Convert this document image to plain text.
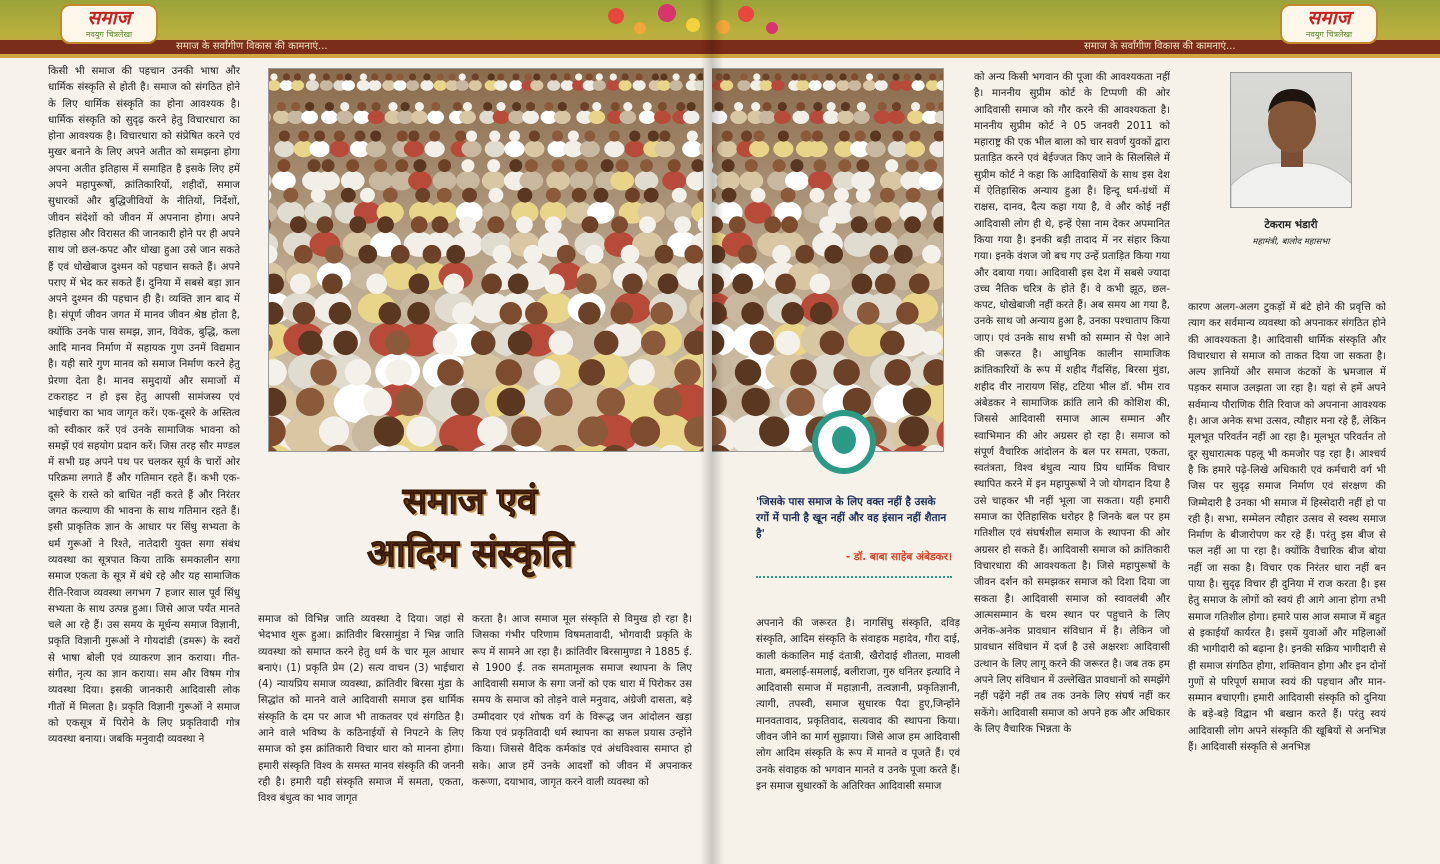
समाज
नवयुग चित्रलेखा
समाज के सर्वांगीण विकास की कामनाएं...

किसी भी समाज की पहचान उनकी भाषा और धार्मिक संस्कृति से होती है। समाज को संगठित होने के लिए धार्मिक संस्कृति का होना आवश्यक है। धार्मिक संस्कृति को सुदृढ़ करने हेतु विचारधारा का होना आवश्यक है। विचारधारा को संप्रेषित करने एवं मुखर बनाने के लिए अपने अतीत को समझना होगा अपना अतीत इतिहास में समाहित है इसके लिए हमें अपने महापुरूषों, क्रांतिकारियों, शहीदों, समाज सुधारकों और बुद्धिजीवियों के नीतियों, निर्देशों, जीवन संदेशों को जीवन में अपनाना होगा। अपने इतिहास और विरासत की जानकारी होने पर ही अपने साथ जो छल-कपट और धोखा हुआ उसे जान सकते हैं एवं धोखेबाज दुश्मन को पहचान सकते हैं। अपने पराए में भेद कर सकते हैं। दुनिया में सबसे बड़ा ज्ञान अपने दुश्मन की पहचान ही है। व्यक्ति ज्ञान बाद में है। संपूर्ण जीवन जगत में मानव जीवन श्रेष्ठ होता है, क्योंकि उनके पास समझ, ज्ञान, विवेक, बुद्धि, कला आदि मानव निर्माण में सहायक गुण उनमें विद्यमान है। यही सारे गुण मानव को समाज निर्माण करने हेतु प्रेरणा देता है। मानव समुदायों और समाजों में टकराहट न हो इस हेतु आपसी सामंजस्य एवं भाईचारा का भाव जागृत करें। एक-दूसरे के अस्तित्व को स्वीकार करें एवं उनके सामाजिक भावना को समझें एवं सहयोग प्रदान करें। जिस तरह सौर मण्डल में सभी ग्रह अपने पथ पर चलकर सूर्य के चारों ओर परिक्रमा लगाते हैं और गतिमान रहते हैं। कभी एक-दूसरे के रास्ते को बाधित नहीं करते हैं और निरंतर जगत कल्याण की भावना के साथ गतिमान रहते हैं। इसी प्राकृतिक ज्ञान के आधार पर सिंधु सभ्यता के धर्म गुरूओं ने रिश्ते, नातेदारी युक्त सगा संबंध व्यवस्था का सूत्रपात किया ताकि समकालीन सगा समाज एकता के सूत्र में बंधे रहे और यह सामाजिक रीति-रिवाज व्यवस्था लगभग 7 हजार साल पूर्व सिंधु सभ्यता के साथ उत्पन्न हुआ। जिसे आज पर्यंत मानते चले आ रहे हैं। उस समय के मूर्धन्य समाज विज्ञानी, प्रकृति विज्ञानी गुरूओं ने गोयदांडी (डमरू) के स्वरों से भाषा बोली एवं व्याकरण ज्ञान कराया। गीत-संगीत, नृत्य का ज्ञान कराया। सम और विषम गोत्र व्यवस्था दिया। इसकी जानकारी आदिवासी लोक गीतों में मिलता है। प्रकृति विज्ञानी गुरूओं ने समाज को एकसूत्र में पिरोने के लिए प्रकृतिवादी गोत्र व्यवस्था बनाया। जबकि मनुवादी व्यवस्था ने

समाज एवं
आदिम संस्कृति

समाज को विभिन्न जाति व्यवस्था दे दिया। जहां से भेदभाव शुरू हुआ। क्रांतिवीर बिरसामुंडा ने भिन्न जाति व्यवस्था को समाप्त करने हेतु धर्म के चार मूल आधार बनाएं। (1) प्रकृति प्रेम (2) सत्य वाचन (3) भाईचारा (4) न्यायप्रिय समाज व्यवस्था, क्रांतिवीर बिरसा मुंडा के सिद्धांत को मानने वाले आदिवासी समाज इस धार्मिक संस्कृति के दम पर आज भी ताकतवर एवं संगठित है। आने वाले भविष्य के कठिनाईयों से निपटने के लिए समाज को इस क्रांतिकारी विचार धारा को मानना होगा। हमारी संस्कृति विश्व के समस्त मानव संस्कृति की जननी रही है। हमारी यही संस्कृति समाज में समता, एकता, विश्व बंधुत्व का भाव जागृत

करता है। आज समाज मूल संस्कृति से विमुख हो रहा है। जिसका गंभीर परिणाम विषमतावादी, भोगवादी प्रकृति के रूप में सामने आ रहा है। क्रांतिवीर बिरसामुण्डा ने 1885 ई. से 1900 ई. तक समतामूलक समाज स्थापना के लिए आदिवासी समाज के सगा जनों को एक धारा में पिरोकर उस समय के समाज को तोड़ने वाले मनुवाद, अंग्रेजी दासता, बड़े उम्मीदवार एवं शोषक वर्ग के विरूद्ध जन आंदोलन खड़ा किया एवं प्रकृतिवादी धर्म स्थापना का सफल प्रयास उन्होंने किया। जिससे वैदिक कर्मकांड एवं अंधविश्वास समाप्त हो सके। आज हमें उनके आदर्शों को जीवन में अपनाकर करूणा, दयाभाव, जागृत करने वाली व्यवस्था को

समाज के सर्वांगीण विकास की कामनाएं...
समाज
नवयुग चित्रलेखा

अपनाने की जरूरत है। नागसिंघु संस्कृति, दविड़ संस्कृति, आदिम संस्कृति के संवाहक महादेव, गौरा दाई, काली कंकालिन माई दंतात्री, खैरोदाई शीतला, मावली माता, बमलाई-समलाई, बलीराजा, गुरु धनितर इत्यादि ने आदिवासी समाज में महाज्ञानी, तत्वज्ञानी, प्रकृतिज्ञानी, त्यागी, तपस्वी, समाज सुधारक पैदा हुए,जिन्होंने मानवतावाद, प्रकृतिवाद, सत्यवाद की स्थापना किया। जीवन जीने का मार्ग सुझाया। जिसे आज हम आदिवासी लोग आदिम संस्कृति के रूप में मानते व पूजते हैं। एवं उनके संवाहक को भगवान मानते व उनके पूजा करते हैं। इन समाज सुधारकों के अतिरिक्त आदिवासी समाज

को अन्य किसी भगवान की पूजा की आवश्यकता नहीं है। माननीय सुप्रीम कोर्ट के टिप्पणी की ओर आदिवासी समाज को गौर करने की आवश्यकता है। माननीय सुप्रीम कोर्ट ने 05 जनवरी 2011 को महाराष्ट्र की एक भील बाला को चार सवर्ण युवकों द्वारा प्रताड़ित करने एवं बेईज्जत किए जाने के सिलसिले में सुप्रीम कोर्ट ने कहा कि आदिवासियों के साथ इस देश में ऐतिहासिक अन्याय हुआ है। हिन्दू धर्म-ग्रंथों में राक्षस, दानव, दैत्य कहा गया है, वे और कोई नहीं आदिवासी लोग ही थे, इन्हें ऐसा नाम देकर अपमानित किया गया है। इनकी बड़ी तादाद में नर संहार किया गया। इनके वंशज जो बच गए उन्हें प्रताड़ित किया गया और दबाया गया। आदिवासी इस देश में सबसे ज्यादा उच्च नैतिक चरित्र के होते हैं। वे कभी झूठ, छल-कपट, धोखेबाजी नहीं करते हैं। अब समय आ गया है, उनके साथ जो अन्याय हुआ है, उनका पश्चाताप किया जाए। एवं उनके साथ सभी को सम्मान से पेश आने की जरूरत है। आधुनिक कालीन सामाजिक क्रांतिकारियों के रूप में शहीद गैंदसिंह, बिरसा मुंडा, शहीद वीर नारायण सिंह, टटिया भील डॉ. भीम राव अंबेडकर ने सामाजिक क्रांति लाने की कोशिश की, जिससे आदिवासी समाज आत्म सम्मान और स्वाभिमान की ओर अग्रसर हो रहा है। समाज को संपूर्ण वैचारिक आंदोलन के बल पर समता, एकता, स्वतंत्रता, विश्व बंधुत्व न्याय प्रिय धार्मिक विचार स्थापित करने में इन महापुरूषों ने जो योगदान दिया है उसे चाहकर भी नहीं भूला जा सकता। यही हमारी समाज का ऐतिहासिक धरोहर है जिनके बल पर हम गतिशील एवं संघर्षशील समाज के स्थापना की ओर अग्रसर हो सकते हैं। आदिवासी समाज को क्रांतिकारी विचारधारा की आवश्यकता है। जिसे महापुरूषों के जीवन दर्शन को समझकर समाज को दिशा दिया जा सकता है। आदिवासी समाज को स्वावलंबी और आत्मसम्मान के चरम स्थान पर पहुचाने के लिए अनेक-अनेक प्रावधान संविधान में है। लेकिन जो प्रावधान संविधान में दर्ज है उसे अक्षरशः आदिवासी उत्थान के लिए लागू करने की जरूरत है। जब तक हम अपने लिए संविधान में उल्लेखित प्रावधानों को समझेंगे नहीं पढ़ेंगे नहीं तब तक उनके लिए संघर्ष नहीं कर सकेंगे। आदिवासी समाज को अपने हक और अधिकार के लिए वैचारिक भिन्नता के

कारण अलग-अलग टुकड़ों में बंटे होने की प्रवृत्ति को त्याग कर सर्वमान्य व्यवस्था को अपनाकर संगठित होने की आवश्यकता है। आदिवासी धार्मिक संस्कृति और विचारधारा से समाज को ताकत दिया जा सकता है। अल्प ज्ञानियों और समाज कंटकों के भ्रमजाल में पड़कर समाज उलझता जा रहा है। यहां से हमें अपने सर्वमान्य पौराणिक रीति रिवाज को अपनाना आवश्यक है। आज अनेक सभा उत्सव, त्यौहार मना रहे हैं, लेकिन मूलभूत परिवर्तन नहीं आ रहा है। मूलभूत परिवर्तन तो दूर सुधारात्मक पहलू भी कमजोर पड़ रहा है। आश्चर्य है कि हमारे पढ़े-लिखे अधिकारी एवं कर्मचारी वर्ग भी जिस पर सुदृढ़ समाज निर्माण एवं संरक्षण की जिम्मेदारी है उनका भी समाज में हिस्सेदारी नहीं हो पा रही है। सभा, सम्मेलन त्यौहार उत्सव से स्वस्थ समाज निर्माण के बीजारोपण कर रहे हैं। परंतु इस बीज से फल नहीं आ पा रहा है। क्योंकि वैचारिक बीज बोया नहीं जा सका है। विचार एक निरंतर धारा नहीं बन पाया है। सुदृढ़ विचार ही दुनिया में राज करता है। इस हेतु समाज के लोगों को स्वयं ही आगे आना होगा तभी समाज गतिशील होगा। हमारे पास आज समाज में बहुत से इकाईयाँ कार्यरत है। इसमें युवाओं और महिलाओं की भागीदारी को बढ़ाना है। इनकी सक्रिय भागीदारी से ही समाज संगठित होगा, शक्तिवान होगा और इन दोनों गुणों से परिपूर्ण समाज स्वयं की पहचान और मान-सम्मान बचाएगी। हमारी आदिवासी संस्कृति को दुनिया के बड़े-बड़े विद्वान भी बखान करते हैं। परंतु स्वयं आदिवासी लोग अपने संस्कृति की खूबियों से अनभिज्ञ हैं। आदिवासी संस्कृति से अनभिज्ञ

'जिसके पास समाज के लिए वक्त नहीं है उसके रगों में पानी है खून नहीं और वह इंसान नहीं शैतान है'
- डॉ. बाबा साहेब अंबेडकर।
टेकराम भंडारी
महामंत्री, बालोद महासभा
